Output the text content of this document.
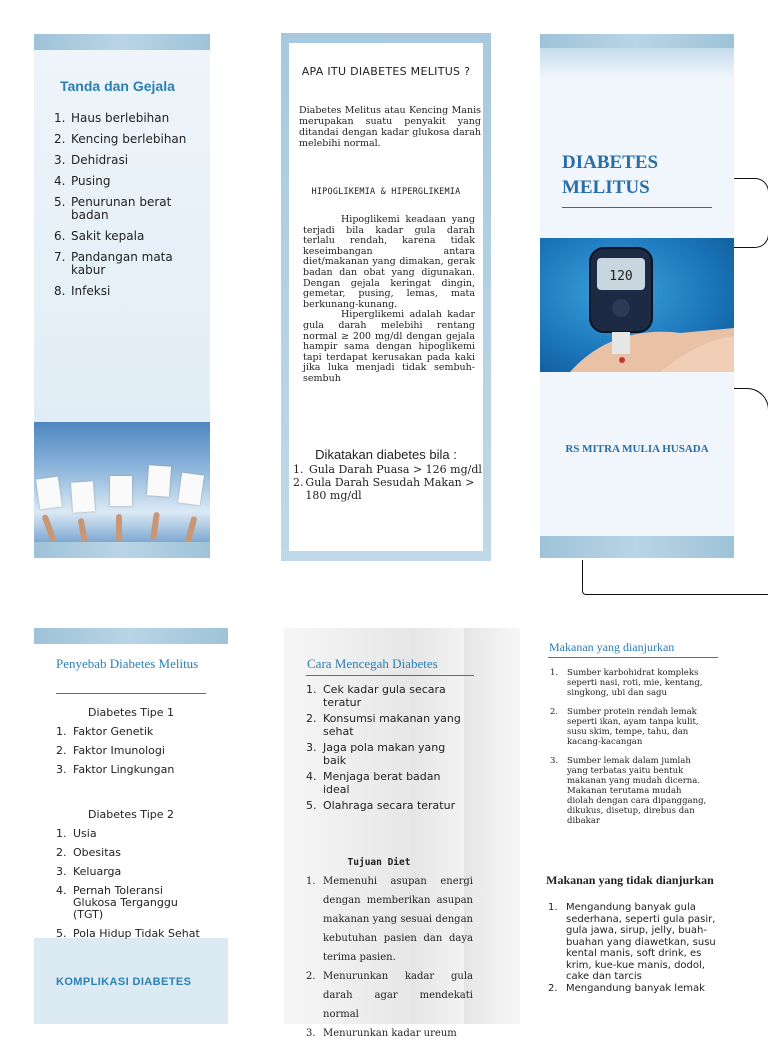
Tanda dan Gejala
1. Haus berlebihan
2. Kencing berlebihan
3. Dehidrasi
4. Pusing
5. Penurunan berat badan
6. Sakit kepala
7. Pandangan mata kabur
8. Infeksi
APA ITU DIABETES MELITUS ?
Diabetes Melitus atau Kencing Manis merupakan suatu penyakit yang ditandai dengan kadar glukosa darah melebihi normal.
HIPOGLIKEMIA & HIPERGLIKEMIA

Hipoglikemi keadaan yang terjadi bila kadar gula darah terlalu rendah, karena tidak keseimbangan antara diet/makanan yang dimakan, gerak badan dan obat yang digunakan. Dengan gejala keringat dingin, gemetar, pusing, lemas, mata berkunang-kunang.

Hiperglikemi adalah kadar gula darah melebihi rentang normal ≥ 200 mg/dl dengan gejala hampir sama dengan hipoglikemi tapi terdapat kerusakan pada kaki jika luka menjadi tidak sembuh-sembuh

Dikatakan diabetes bila :
1. Gula Darah Puasa > 126 mg/dl
2. Gula Darah Sesudah Makan > 180 mg/dl
DIABETES MELITUS
120
RS MITRA MULIA HUSADA
Penyebab Diabetes Melitus
Diabetes Tipe 1
1. Faktor Genetik
2. Faktor Imunologi
3. Faktor Lingkungan
Diabetes Tipe 2
1. Usia
2. Obesitas
3. Keluarga
4. Pernah Toleransi Glukosa Terganggu (TGT)
5. Pola Hidup Tidak Sehat
KOMPLIKASI DIABETES
Cara Mencegah Diabetes
1. Cek kadar gula secara teratur
2. Konsumsi makanan yang sehat
3. Jaga pola makan yang baik
4. Menjaga berat badan ideal
5. Olahraga secara teratur
Tujuan Diet
1. Memenuhi asupan energi dengan memberikan asupan makanan yang sesuai dengan kebutuhan pasien dan daya terima pasien.
2. Menurunkan kadar gula darah agar mendekati normal
3. Menurunkan kadar ureum
Makanan yang dianjurkan
1.	Sumber karbohidrat kompleks seperti nasi, roti, mie, kentang, singkong, ubi dan sagu
2.	Sumber protein rendah lemak seperti ikan, ayam tanpa kulit, susu skim, tempe, tahu, dan kacang-kacangan
3.	Sumber lemak dalam jumlah yang terbatas yaitu bentuk makanan yang mudah dicerna. Makanan terutama mudah diolah dengan cara dipanggang, dikukus, disetup, direbus dan dibakar
Makanan yang tidak dianjurkan
1. Mengandung banyak gula sederhana, seperti gula pasir, gula jawa, sirup, jelly, buah-buahan yang diawetkan, susu kental manis, soft drink, es krim, kue-kue manis, dodol, cake dan tarcis
2. Mengandung banyak lemak
